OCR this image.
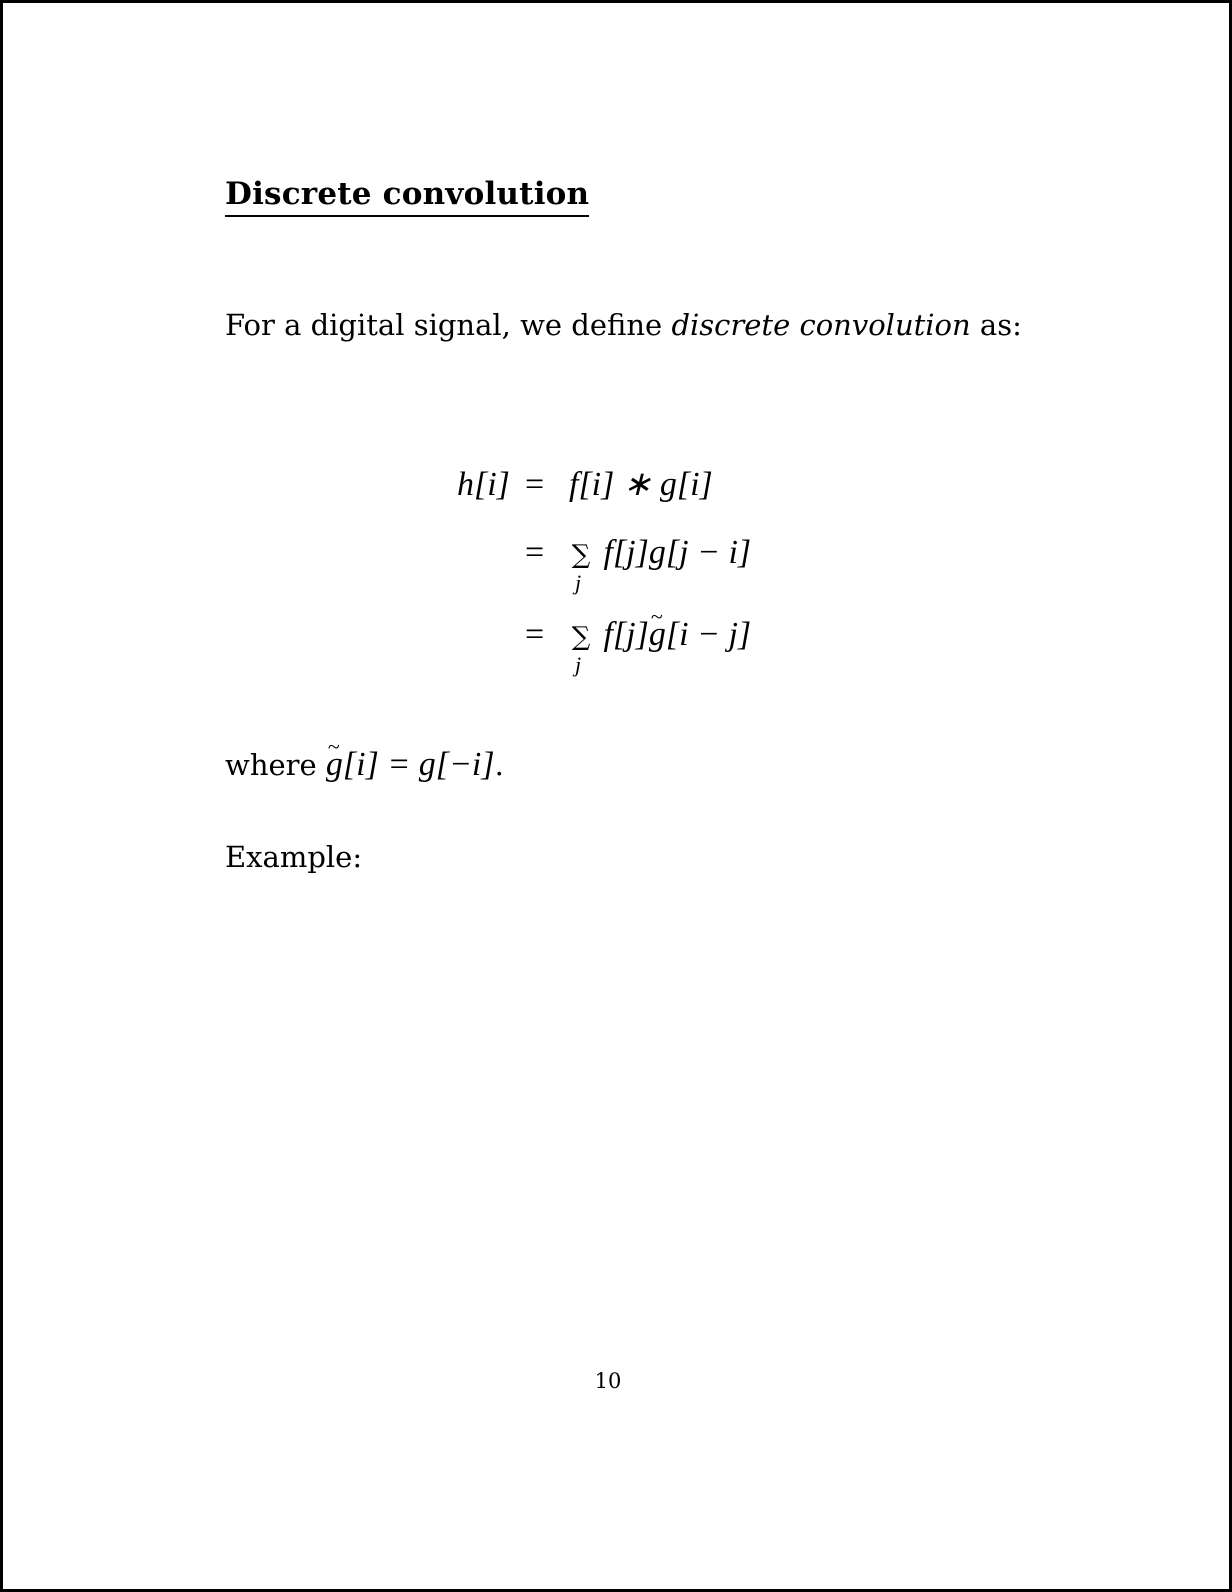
Discrete convolution
For a digital signal, we define discrete convolution as:
h[i] = f[i] ∗ g[i]
= ∑
j
f[j]g[j − i]
= ∑
j
f[j]~ g[i − j]
where ~ g[i] = g[−i].
Example:
10
